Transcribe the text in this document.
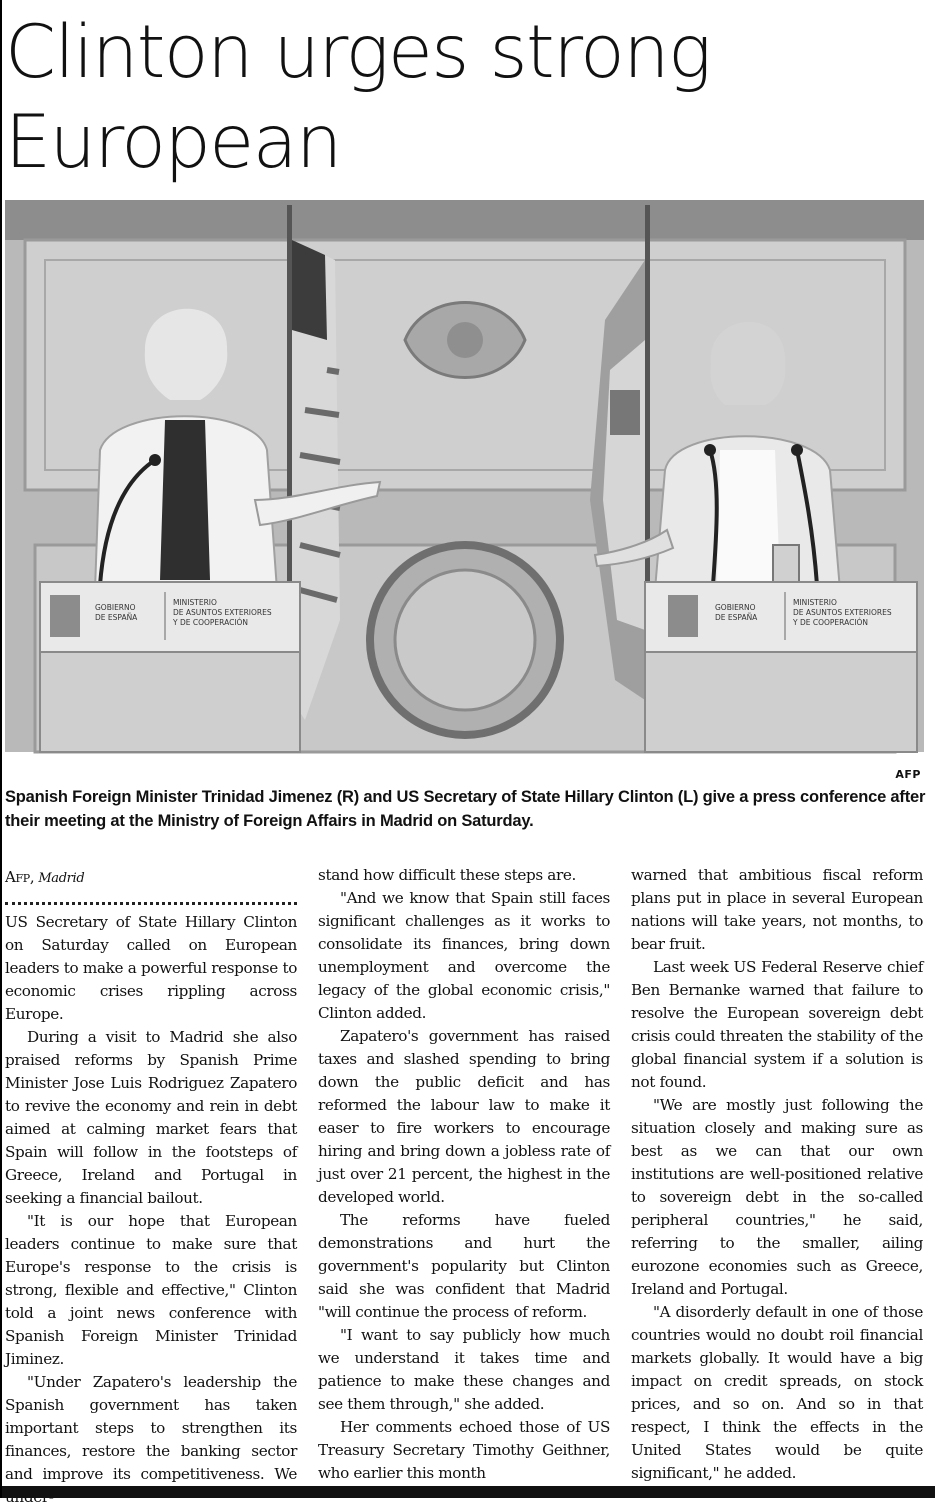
Clinton urges strong European

GOBIERNO
DE ESPAÑA
MINISTERIO
DE ASUNTOS EXTERIORES
Y DE COOPERACIÓN
GOBIERNO
DE ESPAÑA
MINISTERIO
DE ASUNTOS EXTERIORES
Y DE COOPERACIÓN
AFP

Spanish Foreign Minister Trinidad Jimenez (R) and US Secretary of State Hillary Clinton (L) give a press conference after their meeting at the Ministry of Foreign Affairs in Madrid on Saturday.

Afp, Madrid

US Secretary of State Hillary Clinton on Saturday called on European leaders to make a powerful response to economic crises rippling across Europe.

During a visit to Madrid she also praised reforms by Spanish Prime Minister Jose Luis Rodriguez Zapatero to revive the economy and rein in debt aimed at calming market fears that Spain will follow in the footsteps of Greece, Ireland and Portugal in seeking a financial bailout.

"It is our hope that European leaders continue to make sure that Europe's response to the crisis is strong, flexible and effective," Clinton told a joint news conference with Spanish Foreign Minister Trinidad Jiminez.

"Under Zapatero's leadership the Spanish government has taken important steps to strengthen its finances, restore the banking sector and improve its competitiveness. We

stand how difficult these steps are.

"And we know that Spain still faces significant challenges as it works to consolidate its finances, bring down unemployment and overcome the legacy of the global economic crisis," Clinton added.

Zapatero's government has raised taxes and slashed spending to bring down the public deficit and has reformed the labour law to make it easer to fire workers to encourage hiring and bring down a jobless rate of just over 21 percent, the highest in the developed world.

The reforms have fueled demonstrations and hurt the government's popularity but Clinton said she was confident that Madrid "will continue the process of reform.

"I want to say publicly how much we understand it takes time and patience to make these changes and see them through," she added.

Her comments echoed those of US Treasury Secretary Timothy Geithner, who earlier this month

warned that ambitious fiscal reform plans put in place in several European nations will take years, not months, to bear fruit.

Last week US Federal Reserve chief Ben Bernanke warned that failure to resolve the European sovereign debt crisis could threaten the stability of the global financial system if a solution is not found.

"We are mostly just following the situation closely and making sure as best as we can that our own institutions are well-positioned relative to sovereign debt in the so-called peripheral countries," he said, referring to the smaller, ailing eurozone economies such as Greece, Ireland and Portugal.

"A disorderly default in one of those countries would no doubt roil financial markets globally. It would have a big impact on credit spreads, on stock prices, and so on. And so in that respect, I think the effects in the United States would be quite significant," he added.
